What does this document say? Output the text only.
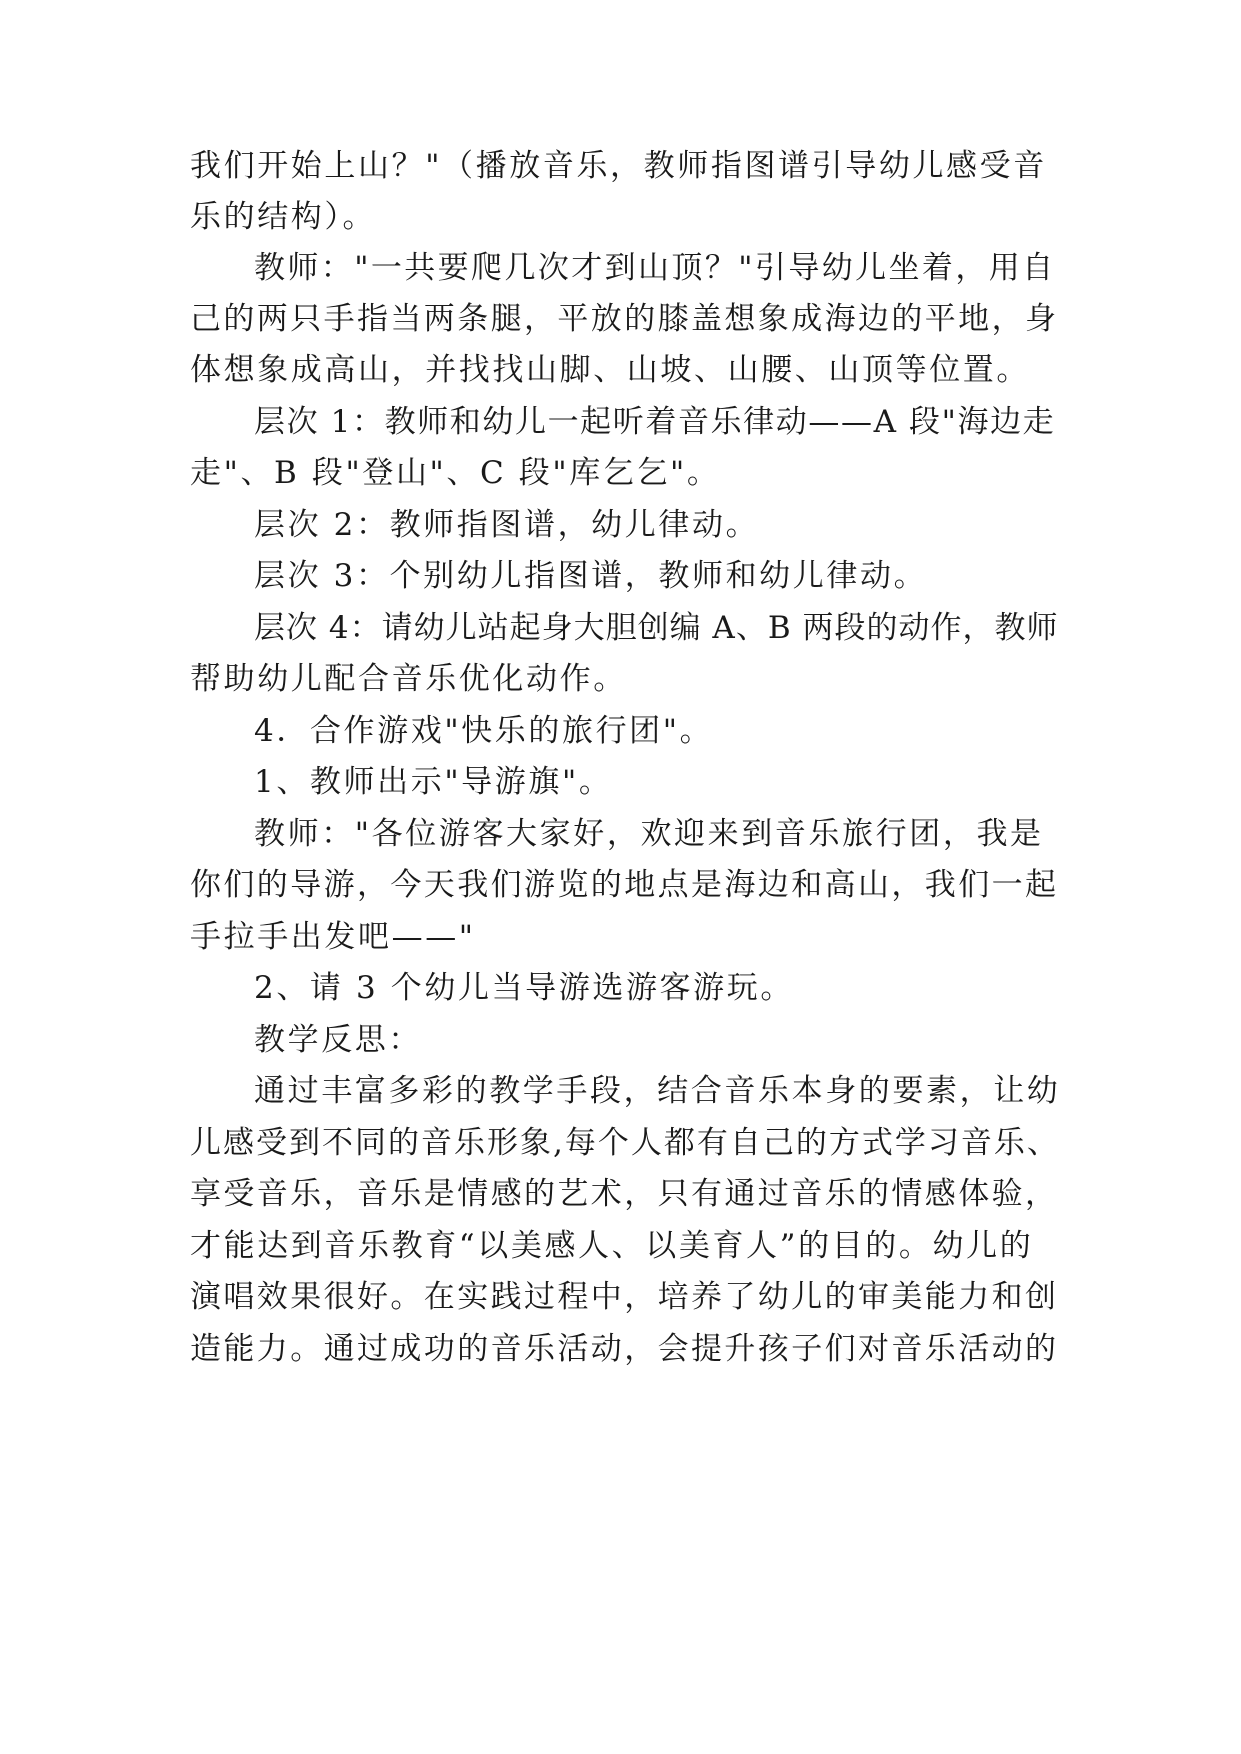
我们开始上山？"（播放音乐，教师指图谱引导幼儿感受音
乐的结构）。
教师："一共要爬几次才到山顶？"引导幼儿坐着，用自
己的两只手指当两条腿，平放的膝盖想象成海边的平地，身
体想象成高山，并找找山脚、山坡、山腰、山顶等位置。
层次 1：教师和幼儿一起听着音乐律动——A 段"海边走
走"、B 段"登山"、C 段"库乞乞"。
层次 2：教师指图谱，幼儿律动。
层次 3：个别幼儿指图谱，教师和幼儿律动。
层次 4：请幼儿站起身大胆创编 A、B 两段的动作，教师
帮助幼儿配合音乐优化动作。
4．合作游戏"快乐的旅行团"。
1、教师出示"导游旗"。
教师："各位游客大家好，欢迎来到音乐旅行团，我是
你们的导游，今天我们游览的地点是海边和高山，我们一起
手拉手出发吧——"
2、请 3 个幼儿当导游选游客游玩。
教学反思：
通过丰富多彩的教学手段，结合音乐本身的要素，让幼
儿感受到不同的音乐形象,每个人都有自己的方式学习音乐、
享受音乐，音乐是情感的艺术，只有通过音乐的情感体验，
才能达到音乐教育“以美感人、以美育人”的目的。幼儿的
演唱效果很好。在实践过程中，培养了幼儿的审美能力和创
造能力。通过成功的音乐活动，会提升孩子们对音乐活动的
